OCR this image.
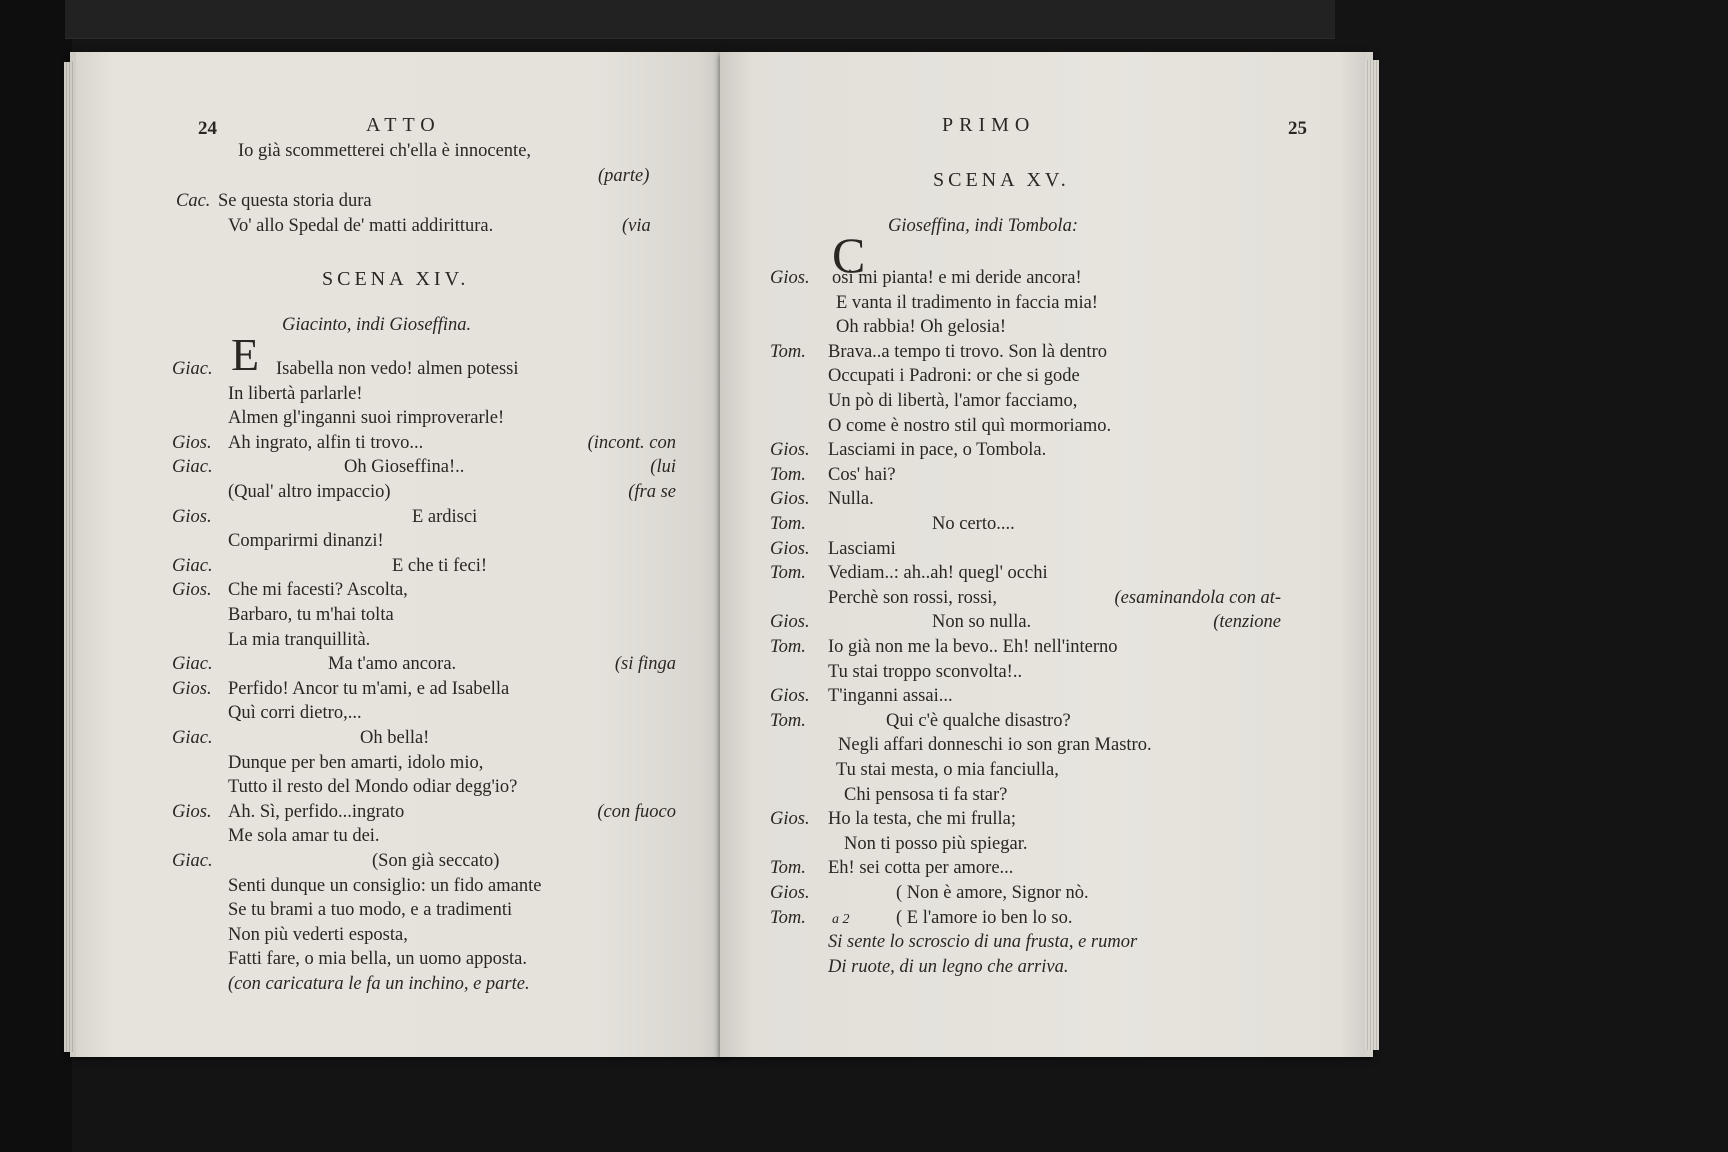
24	ATTO
Io già scommetterei ch'ella è innocente,
(parte)
Cac. Se questa storia dura
Vo' allo Spedal de' matti addirittura.	(via
SCENA XIV.
Giacinto, indi Gioseffina.
E
Giac.	Isabella non vedo! almen potessi
In libertà parlarle!
Almen gl'inganni suoi rimproverarle!
Gios. Ah ingrato, alfin ti trovo...	(incont. con
Giac.	Oh Gioseffina!..	(lui
(Qual' altro impaccio)	(fra se
Gios.	E ardisci
Comparirmi dinanzi!
Giac.	E che ti feci!
Gios. Che mi facesti? Ascolta,
Barbaro, tu m'hai tolta
La mia tranquillità.
Giac.	Ma t'amo ancora.	(si finga
Gios. Perfido! Ancor tu m'ami, e ad Isabella
Quì corri dietro,...
Giac.	Oh bella!
Dunque per ben amarti, idolo mio,
Tutto il resto del Mondo odiar degg'io?
Gios. Ah. Sì, perfido...ingrato	(con fuoco
Me sola amar tu dei.
Giac.	(Son già seccato)
Senti dunque un consiglio: un fido amante
Se tu brami a tuo modo, e a tradimenti
Non più vederti esposta,
Fatti fare, o mia bella, un uomo apposta.
(con caricatura le fa un inchino, e parte.
PRIMO	25
SCENA XV.
Gioseffina, indi Tombola:
C
a 2
Gios. osì mi pianta! e mi deride ancora!
E vanta il tradimento in faccia mia!
Oh rabbia! Oh gelosia!
Tom. Brava..a tempo ti trovo. Son là dentro
Occupati i Padroni: or che si gode
Un pò di libertà, l'amor facciamo,
O come è nostro stil quì mormoriamo.
Gios. Lasciami in pace, o Tombola.
Tom. Cos' hai?
Gios. Nulla.
Tom.	No certo....
Gios. Lasciami
Tom. Vediam..: ah..ah! quegl' occhi
Perchè son rossi, rossi,	(esaminandola con at-
Gios.	Non so nulla.	(tenzione
Tom. Io già non me la bevo.. Eh! nell'interno
Tu stai troppo sconvolta!..
Gios. T'inganni assai...
Tom.	Qui c'è qualche disastro?
Negli affari donneschi io son gran Mastro.
Tu stai mesta, o mia fanciulla,
Chi pensosa ti fa star?
Gios. Ho la testa, che mi frulla;
Non ti posso più spiegar.
Tom. Eh! sei cotta per amore...
Gios.	( Non è amore, Signor nò.
Tom.	( E l'amore io ben lo so.
Si sente lo scroscio di una frusta, e rumor
Di ruote, di un legno che arriva.
